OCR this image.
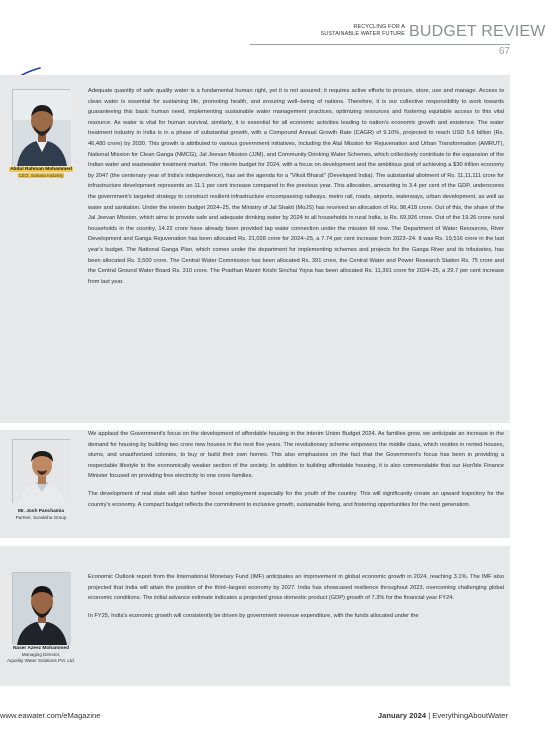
RECYCLING FOR A
SUSTAINABLE WATER FUTURE BUDGET REVIEW
67
Abdul Rahman Mohammed
CEO, Sahara Industry

Adequate quantity of safe quality water is a fundamental human right, yet it is not assured; it requires active efforts to procure, store, use and manage. Access to clean water is essential for sustaining life, promoting health, and ensuring well–being of nations. Therefore, it is our collective responsibility to work towards guaranteeing this basic human need, implementing sustainable water management practices, optimizing resources and fostering equitable access to this vital resource. As water is vital for human survival, similarly, it is essential for all economic activities leading to nation's economic growth and existence. The water treatment industry in India is in a phase of substantial growth, with a Compound Annual Growth Rate (CAGR) of 9.10%, projected to reach USD 5.6 billion (Rs. 46,480 crore) by 2030. This growth is attributed to various government initiatives, including the Atal Mission for Rejuvenation and Urban Transformation (AMRUT), National Mission for Clean Ganga (NMCG), Jal Jeevan Mission (JJM), and Community Drinking Water Schemes, which collectively contribute to the expansion of the Indian water and wastewater treatment market. The interim budget for 2024, with a focus on development and the ambitious goal of achieving a $30 trillion economy by 2047 (the centenary year of India's independence), has set the agenda for a "Viksit Bharat" (Developed India). The substantial allotment of Rs. 11,11,111 crore for infrastructure development represents an 11.1 per cent increase compared to the previous year. This allocation, amounting to 3.4 per cent of the GDP, underscores the government's targeted strategy to construct resilient infrastructure encompassing railways, metro rail, roads, airports, waterways, urban development, as well as water and sanitation. Under the interim budget 2024–25, the Ministry of Jal Shakti (MoJS) has received an allocation of Rs. 98,418 crore. Out of this, the share of the Jal Jeevan Mission, which aims to provide safe and adequate drinking water by 2024 to all households in rural India, is Rs. 69,926 crore. Out of the 19.26 crore rural households in the country, 14.22 crore have already been provided tap water connection under the mission till now. The Department of Water Resources, River Development and Ganga Rejuvenation has been allocated Rs. 21,028 crore for 2024–25, a 7.74 per cent increase from 2023–24. It was Rs. 19,516 crore in the last year's budget. The National Ganga Plan, which comes under the department for implementing schemes and projects for the Ganga River and its tributaries, has been allocated Rs. 3,500 crore. The Central Water Commission has been allocated Rs. 391 crore, the Central Water and Power Research Station Rs. 75 crore and the Central Ground Water Board Rs. 310 crore. The Pradhan Mantri Krishi Sinchai Yojna has been allocated Rs. 11,391 crore for 2024–25, a 29.7 per cent increase from last year.

Mr. Josh Panchamia
Partner, Suraksha Group

We applaud the Government's focus on the development of affordable housing in the interim Union Budget 2024. As families grow, we anticipate an increase in the demand for housing by building two crore new houses in the next five years. The revolutionary scheme empowers the middle class, which resides in rented houses, slums, and unauthorized colonies, to buy or build their own homes. This also emphasises on the fact that the Government's focus has been in providing a respectable lifestyle to the economically weaker section of the society. In addition to building affordable housing, it is also commendable that our Hon'ble Finance Minister focused on providing free electricity to one crore families.

The development of real state will also further boost employment especially for the youth of the country. This will significantly create an upward trajectory for the country's economy. A compact budget reflects the commitment to inclusive growth, sustainable living, and fostering opportunities for the next generation.

Naser Azeez Mohammed
Managing Director,
Aquality Water Solutions Pvt. Ltd.

Economic Outlook report from the International Monetary Fund (IMF) anticipates an improvement in global economic growth in 2024, reaching 3.1%. The IMF also projected that India will attain the position of the third–largest economy by 2027. India has showcased resilience throughout 2023, overcoming challenging global economic conditions. The initial advance estimate indicates a projected gross domestic product (GDP) growth of 7.3% for the financial year FY24.

In FY25, India's economic growth will consistently be driven by government revenue expenditure, with the funds allocated under the

www.eawater.com/eMagazine	January 2024 | EverythingAboutWater
